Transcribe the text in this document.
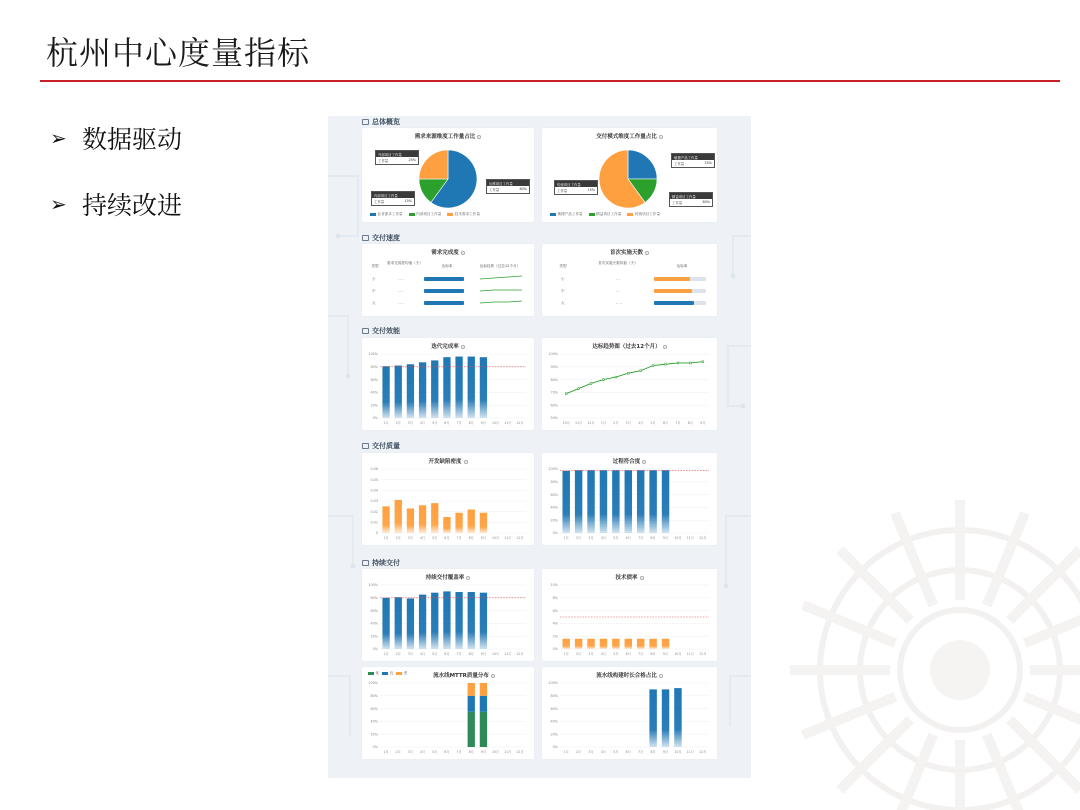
杭州中心度量指标
➢ 数据驱动
➢ 持续改进
总体概览
交付速度
交付效能
交付质量
持续交付
需求来源维度工作量占比
外部项目工作量
工作量	25%
内部项目工作量
工作量	15%
运维项目工作量
工作量	60%
业务需求工作量	内部项目工作量	技术需求工作量
交付模式维度工作量占比
敏捷产品工作量
工作量	25%
传统项目工作量
工作量	15%
精益项目工作量
工作量	60%
敏捷产品工作量	精益项目工作量	传统项目工作量
需求完成度
类型
需求完成度均值（天）
达标率	达标趋势（过去12个月）
小	- - -
中	- - -
大	- - -
首次实施天数
类型
首次实施天数均值（天）
达标率
小	- -
中	- -
大	- - -
迭代完成率
0%
20%
40%
60%
80%
100%
1月 2月 3月 4月 5月 6月 7月 8月 9月 10月 11月 12月
达标趋势图（过去12个月）
50%
60%
70%
80%
90%
100%
10月 11月 12月 1月 2月 3月 4月 5月 6月 7月 8月 9月
开发缺陷密度
0
0.01
0.02
0.03
0.04
0.05
0.06
1月 2月 3月 4月 5月 6月 7月 8月 9月 10月 11月 12月
过程符合度
0%
20%
40%
60%
80%
100%
1月 2月 3月 4月 5月 6月 7月 8月 9月 10月 11月 12月
持续交付覆盖率
0%
20%
40%
60%
80%
100%
1月 2月 3月 4月 5月 6月 7月 8月 9月 10月 11月 12月
技术债率
0%
2%
4%
6%
8%
10%
1月 2月 3月 4月 5月 6月 7月 8月 9月 10月 11月 12月
流水线MTTR质量分布
优	良	差
0%
20%
40%
60%
80%
100%
1月 2月 3月 4月 5月 6月 7月 8月 9月 10月 11月 12月
流水线构建时长合格占比
0%
20%
40%
60%
80%
100%
1月 2月 3月 4月 5月 6月 7月 8月 9月 10月 11月 12月
